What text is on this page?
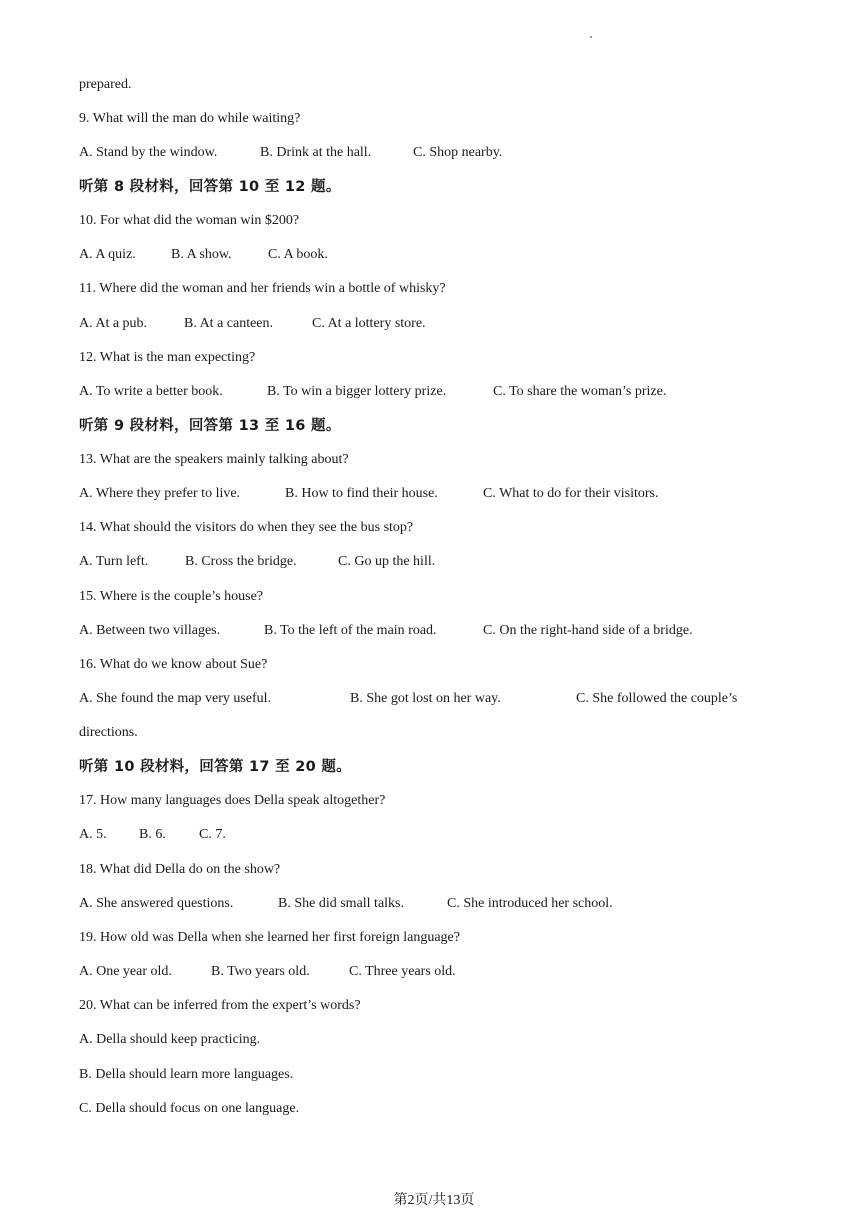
prepared.
9. What will the man do while waiting?
A. Stand by the window.	B. Drink at the hall.	C. Shop nearby.
听第 8 段材料，回答第 10 至 12 题。
10. For what did the woman win $200?
A. A quiz.	B. A show.	C. A book.
11. Where did the woman and her friends win a bottle of whisky?
A. At a pub.	B. At a canteen.	C. At a lottery store.
12. What is the man expecting?
A. To write a better book.	B. To win a bigger lottery prize.	C. To share the woman’s prize.
听第 9 段材料，回答第 13 至 16 题。
13. What are the speakers mainly talking about?
A. Where they prefer to live.	B. How to find their house.	C. What to do for their visitors.
14. What should the visitors do when they see the bus stop?
A. Turn left.	B. Cross the bridge.	C. Go up the hill.
15. Where is the couple’s house?
A. Between two villages.	B. To the left of the main road.	C. On the right-hand side of a bridge.
16. What do we know about Sue?
A. She found the map very useful.	B. She got lost on her way.	C. She followed the couple’s
directions.
听第 10 段材料，回答第 17 至 20 题。
17. How many languages does Della speak altogether?
A. 5. B. 6. C. 7.
18. What did Della do on the show?
A. She answered questions.	B. She did small talks.	C. She introduced her school.
19. How old was Della when she learned her first foreign language?
A. One year old.	B. Two years old.	C. Three years old.
20. What can be inferred from the expert’s words?
A. Della should keep practicing.
B. Della should learn more languages.
C. Della should focus on one language.
第2页/共13页
